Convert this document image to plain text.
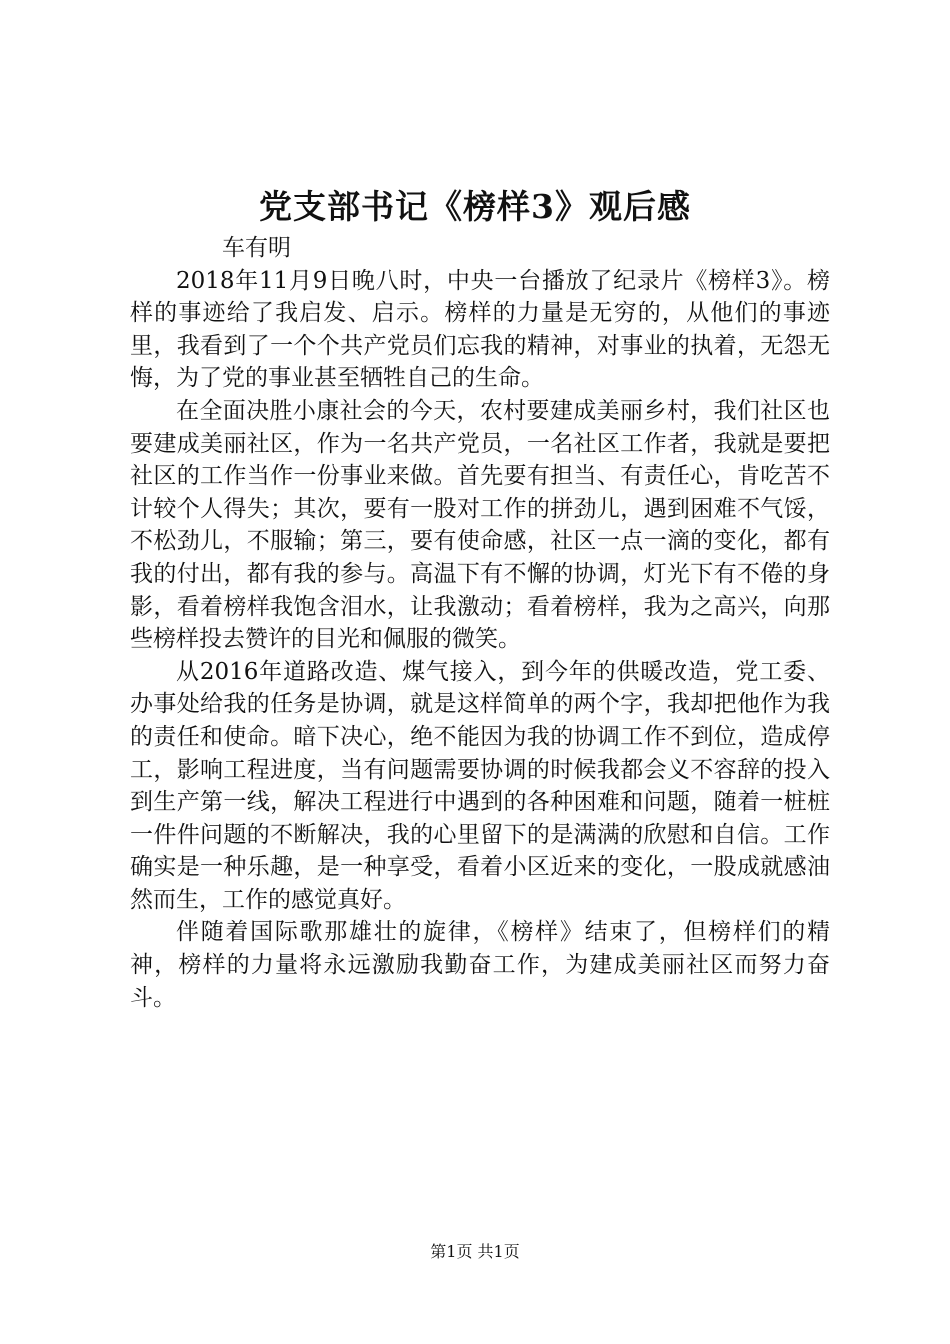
党支部书记《榜样3》观后感

车有明

2018年11月9日晚八时，中央一台播放了纪录片《榜样3》。榜样的事迹给了我启发、启示。榜样的力量是无穷的，从他们的事迹里，我看到了一个个共产党员们忘我的精神，对事业的执着，无怨无悔，为了党的事业甚至牺牲自己的生命。

在全面决胜小康社会的今天，农村要建成美丽乡村，我们社区也要建成美丽社区，作为一名共产党员，一名社区工作者，我就是要把社区的工作当作一份事业来做。首先要有担当、有责任心，肯吃苦不计较个人得失；其次，要有一股对工作的拼劲儿，遇到困难不气馁，不松劲儿，不服输；第三，要有使命感，社区一点一滴的变化，都有我的付出，都有我的参与。高温下有不懈的协调，灯光下有不倦的身影，看着榜样我饱含泪水，让我激动；看着榜样，我为之高兴，向那些榜样投去赞许的目光和佩服的微笑。

从2016年道路改造、煤气接入，到今年的供暖改造，党工委、办事处给我的任务是协调，就是这样简单的两个字，我却把他作为我的责任和使命。暗下决心，绝不能因为我的协调工作不到位，造成停工，影响工程进度，当有问题需要协调的时候我都会义不容辞的投入到生产第一线，解决工程进行中遇到的各种困难和问题，随着一桩桩一件件问题的不断解决，我的心里留下的是满满的欣慰和自信。工作确实是一种乐趣，是一种享受，看着小区近来的变化，一股成就感油然而生，工作的感觉真好。

伴随着国际歌那雄壮的旋律，《榜样》结束了，但榜样们的精神，榜样的力量将永远激励我勤奋工作，为建成美丽社区而努力奋斗。

第1页 共1页
